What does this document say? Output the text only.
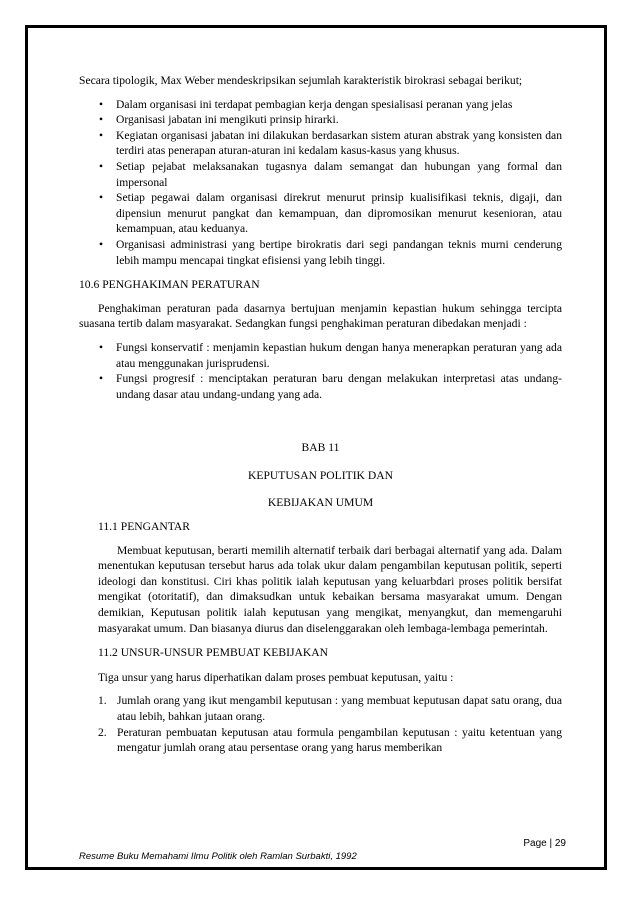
Secara tipologik, Max Weber mendeskripsikan sejumlah karakteristik birokrasi sebagai berikut;

• Dalam organisasi ini terdapat pembagian kerja dengan spesialisasi peranan yang jelas
• Organisasi jabatan ini mengikuti prinsip hirarki.
• Kegiatan organisasi jabatan ini dilakukan berdasarkan sistem aturan abstrak yang konsisten dan terdiri atas penerapan aturan-aturan ini kedalam kasus-kasus yang khusus.
• Setiap pejabat melaksanakan tugasnya dalam semangat dan hubungan yang formal dan impersonal
• Setiap pegawai dalam organisasi direkrut menurut prinsip kualisifikasi teknis, digaji, dan dipensiun menurut pangkat dan kemampuan, dan dipromosikan menurut kesenioran, atau kemampuan, atau keduanya.
• Organisasi administrasi yang bertipe birokratis dari segi pandangan teknis murni cenderung lebih mampu mencapai tingkat efisiensi yang lebih tinggi.

10.6 PENGHAKIMAN PERATURAN

Penghakiman peraturan pada dasarnya bertujuan menjamin kepastian hukum sehingga tercipta suasana tertib dalam masyarakat. Sedangkan fungsi penghakiman peraturan dibedakan menjadi :

• Fungsi konservatif : menjamin kepastian hukum dengan hanya menerapkan peraturan yang ada atau menggunakan jurisprudensi.
• Fungsi progresif : menciptakan peraturan baru dengan melakukan interpretasi atas undang-undang dasar atau undang-undang yang ada.

BAB 11

KEPUTUSAN POLITIK DAN

KEBIJAKAN UMUM

11.1 PENGANTAR

Membuat keputusan, berarti memilih alternatif terbaik dari berbagai alternatif yang ada. Dalam menentukan keputusan tersebut harus ada tolak ukur dalam pengambilan keputusan politik, seperti ideologi dan konstitusi. Ciri khas politik ialah keputusan yang keluarbdari proses politik bersifat mengikat (otoritatif), dan dimaksudkan untuk kebaikan bersama masyarakat umum. Dengan demikian, Keputusan politik ialah keputusan yang mengikat, menyangkut, dan memengaruhi masyarakat umum. Dan biasanya diurus dan diselenggarakan oleh lembaga-lembaga pemerintah.

11.2 UNSUR-UNSUR PEMBUAT KEBIJAKAN

Tiga unsur yang harus diperhatikan dalam proses pembuat keputusan, yaitu :

1. Jumlah orang yang ikut mengambil keputusan : yang membuat keputusan dapat satu orang, dua atau lebih, bahkan jutaan orang.
2. Peraturan pembuatan keputusan atau formula pengambilan keputusan : yaitu ketentuan yang mengatur jumlah orang atau persentase orang yang harus memberikan
Page | 29
Resume Buku Memahami Ilmu Politik oleh Ramlan Surbakti, 1992
